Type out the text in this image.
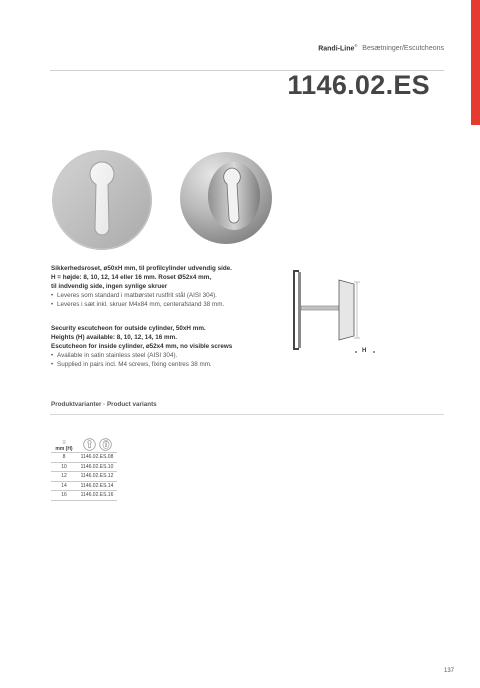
Randi-Line® Besætninger/Escutcheons
1146.02.ES
Sikkerhedsroset, ø50xH mm, til profilcylinder udvendig side.
H = højde: 8, 10, 12, 14 eller 16 mm. Roset Ø52x4 mm,
til indvendig side, ingen synlige skruer
• Leveres som standard i matbørstet rustfrit stål (AISI 304).
• Leveres i sæt inkl. skruer M4x84 mm, centerafstand 38 mm.
Security escutcheon for outside cylinder, 50xH mm.
Heights (H) available: 8, 10, 12, 14, 16 mm.
Escutcheon for inside cylinder, ø52x4 mm, no visible screws
• Available in satin stainless steel (AISI 304).
• Supplied in pairs incl. M4 screws, fixing centres 38 mm.
H
Produktvarianter · Product variants
≡
mm (H)	

8	1146.02.ES.08
10	1146.02.ES.10
12	1146.02.ES.12
14	1146.02.ES.14
16	1146.02.ES.16
137
